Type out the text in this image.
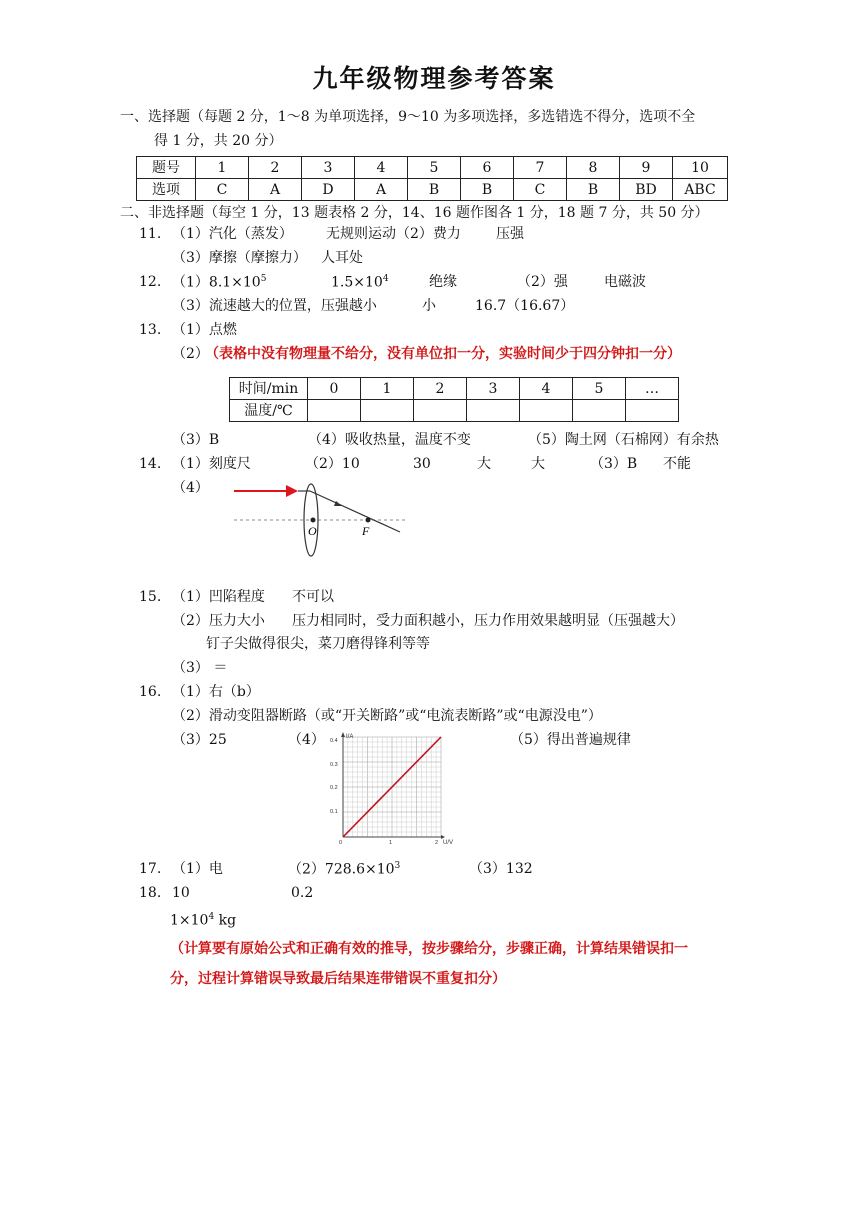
九年级物理参考答案
一、选择题（每题 2 分，1～8 为单项选择，9～10 为多项选择，多选错选不得分，选项不全
得 1 分，共 20 分）
题号	1	2	3	4	5	6	7	8	9	10
选项	C	A	D	A	B	B	C	B	BD	ABC
二、非选择题（每空 1 分，13 题表格 2 分，14、16 题作图各 1 分，18 题 7 分，共 50 分）
11. （1）汽化（蒸发） 无规则运动（2）费力	压强
（3）摩擦（摩擦力） 人耳处
12. $(1)8.1\times 10^5$	$1.5\times 10^4$	绝缘	（2）强	电磁波
（3）流速越大的位置，压强越小	小	16.7（16.67）
13. （1）点燃
（2）
（表格中没有物理量不给分，没有单位扣一分，实验时间少于四分钟扣一分）
时间/min	0	1	2	3	4	5	…
温度/℃							
（3）B	（4）吸收热量，温度不变	（5）陶土网（石棉网）有余热
14. （1）刻度尺	（2）10	30	大	大	（3）B 不能
（4）
O	F
15. （1）凹陷程度 不可以
（2）压力大小 压力相同时，受力面积越小，压力作用效果越明显（压强越大）
钉子尖做得很尖，菜刀磨得锋利等等
（3） ＝
16. （1）右（b）
（2）滑动变阻器断路（或“开关断路”或“电流表断路”或“电源没电”）
（3）25	（4）	（5）得出普遍规律
I/A
U/V
0.4
0.3
0.2
0.1
0	1	2
17. （1）电	$(2)728.6\times 10^3$	（3）132
18. 10	0.2
$1\times 10^4$ kg
（计算要有原始公式和正确有效的推导，按步骤给分，步骤正确，计算结果错误扣一
分，过程计算错误导致最后结果连带错误不重复扣分）
